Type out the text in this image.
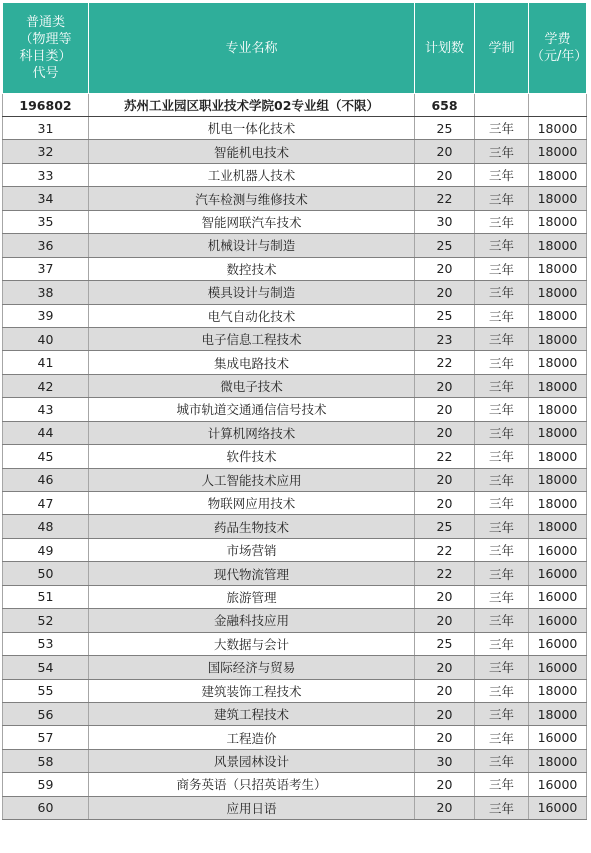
普通类
（物理等
科目类）
代号	专业名称	计划数	学制	学费
（元/年）
196802	苏州工业园区职业技术学院02专业组（不限）	658		
31	机电一体化技术	25	三年	18000
32	智能机电技术	20	三年	18000
33	工业机器人技术	20	三年	18000
34	汽车检测与维修技术	22	三年	18000
35	智能网联汽车技术	30	三年	18000
36	机械设计与制造	25	三年	18000
37	数控技术	20	三年	18000
38	模具设计与制造	20	三年	18000
39	电气自动化技术	25	三年	18000
40	电子信息工程技术	23	三年	18000
41	集成电路技术	22	三年	18000
42	微电子技术	20	三年	18000
43	城市轨道交通通信信号技术	20	三年	18000
44	计算机网络技术	20	三年	18000
45	软件技术	22	三年	18000
46	人工智能技术应用	20	三年	18000
47	物联网应用技术	20	三年	18000
48	药品生物技术	25	三年	18000
49	市场营销	22	三年	16000
50	现代物流管理	22	三年	16000
51	旅游管理	20	三年	16000
52	金融科技应用	20	三年	16000
53	大数据与会计	25	三年	16000
54	国际经济与贸易	20	三年	16000
55	建筑装饰工程技术	20	三年	18000
56	建筑工程技术	20	三年	18000
57	工程造价	20	三年	16000
58	风景园林设计	30	三年	18000
59	商务英语（只招英语考生）	20	三年	16000
60	应用日语	20	三年	16000
